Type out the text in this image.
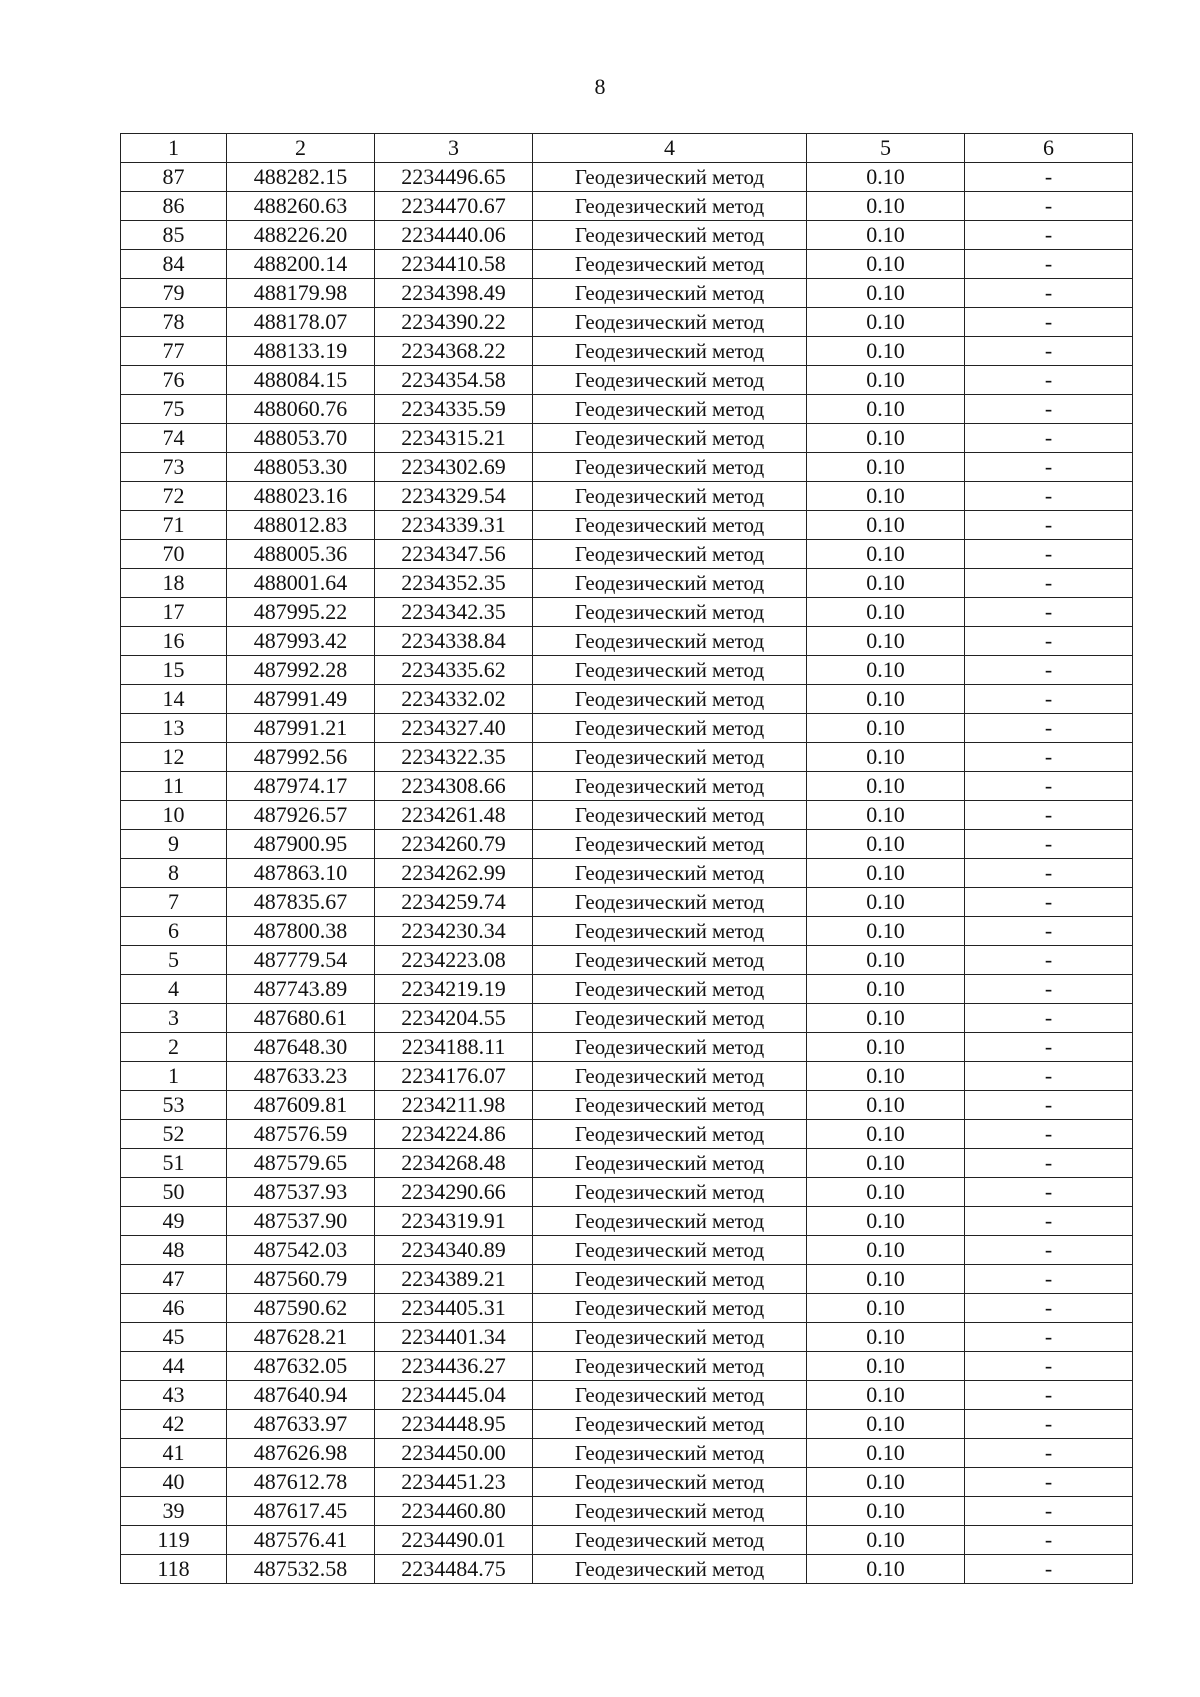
8
1	2	3	4	5	6
87	488282.15	2234496.65	Геодезический метод	0.10	-
86	488260.63	2234470.67	Геодезический метод	0.10	-
85	488226.20	2234440.06	Геодезический метод	0.10	-
84	488200.14	2234410.58	Геодезический метод	0.10	-
79	488179.98	2234398.49	Геодезический метод	0.10	-
78	488178.07	2234390.22	Геодезический метод	0.10	-
77	488133.19	2234368.22	Геодезический метод	0.10	-
76	488084.15	2234354.58	Геодезический метод	0.10	-
75	488060.76	2234335.59	Геодезический метод	0.10	-
74	488053.70	2234315.21	Геодезический метод	0.10	-
73	488053.30	2234302.69	Геодезический метод	0.10	-
72	488023.16	2234329.54	Геодезический метод	0.10	-
71	488012.83	2234339.31	Геодезический метод	0.10	-
70	488005.36	2234347.56	Геодезический метод	0.10	-
18	488001.64	2234352.35	Геодезический метод	0.10	-
17	487995.22	2234342.35	Геодезический метод	0.10	-
16	487993.42	2234338.84	Геодезический метод	0.10	-
15	487992.28	2234335.62	Геодезический метод	0.10	-
14	487991.49	2234332.02	Геодезический метод	0.10	-
13	487991.21	2234327.40	Геодезический метод	0.10	-
12	487992.56	2234322.35	Геодезический метод	0.10	-
11	487974.17	2234308.66	Геодезический метод	0.10	-
10	487926.57	2234261.48	Геодезический метод	0.10	-
9	487900.95	2234260.79	Геодезический метод	0.10	-
8	487863.10	2234262.99	Геодезический метод	0.10	-
7	487835.67	2234259.74	Геодезический метод	0.10	-
6	487800.38	2234230.34	Геодезический метод	0.10	-
5	487779.54	2234223.08	Геодезический метод	0.10	-
4	487743.89	2234219.19	Геодезический метод	0.10	-
3	487680.61	2234204.55	Геодезический метод	0.10	-
2	487648.30	2234188.11	Геодезический метод	0.10	-
1	487633.23	2234176.07	Геодезический метод	0.10	-
53	487609.81	2234211.98	Геодезический метод	0.10	-
52	487576.59	2234224.86	Геодезический метод	0.10	-
51	487579.65	2234268.48	Геодезический метод	0.10	-
50	487537.93	2234290.66	Геодезический метод	0.10	-
49	487537.90	2234319.91	Геодезический метод	0.10	-
48	487542.03	2234340.89	Геодезический метод	0.10	-
47	487560.79	2234389.21	Геодезический метод	0.10	-
46	487590.62	2234405.31	Геодезический метод	0.10	-
45	487628.21	2234401.34	Геодезический метод	0.10	-
44	487632.05	2234436.27	Геодезический метод	0.10	-
43	487640.94	2234445.04	Геодезический метод	0.10	-
42	487633.97	2234448.95	Геодезический метод	0.10	-
41	487626.98	2234450.00	Геодезический метод	0.10	-
40	487612.78	2234451.23	Геодезический метод	0.10	-
39	487617.45	2234460.80	Геодезический метод	0.10	-
119	487576.41	2234490.01	Геодезический метод	0.10	-
118	487532.58	2234484.75	Геодезический метод	0.10	-
